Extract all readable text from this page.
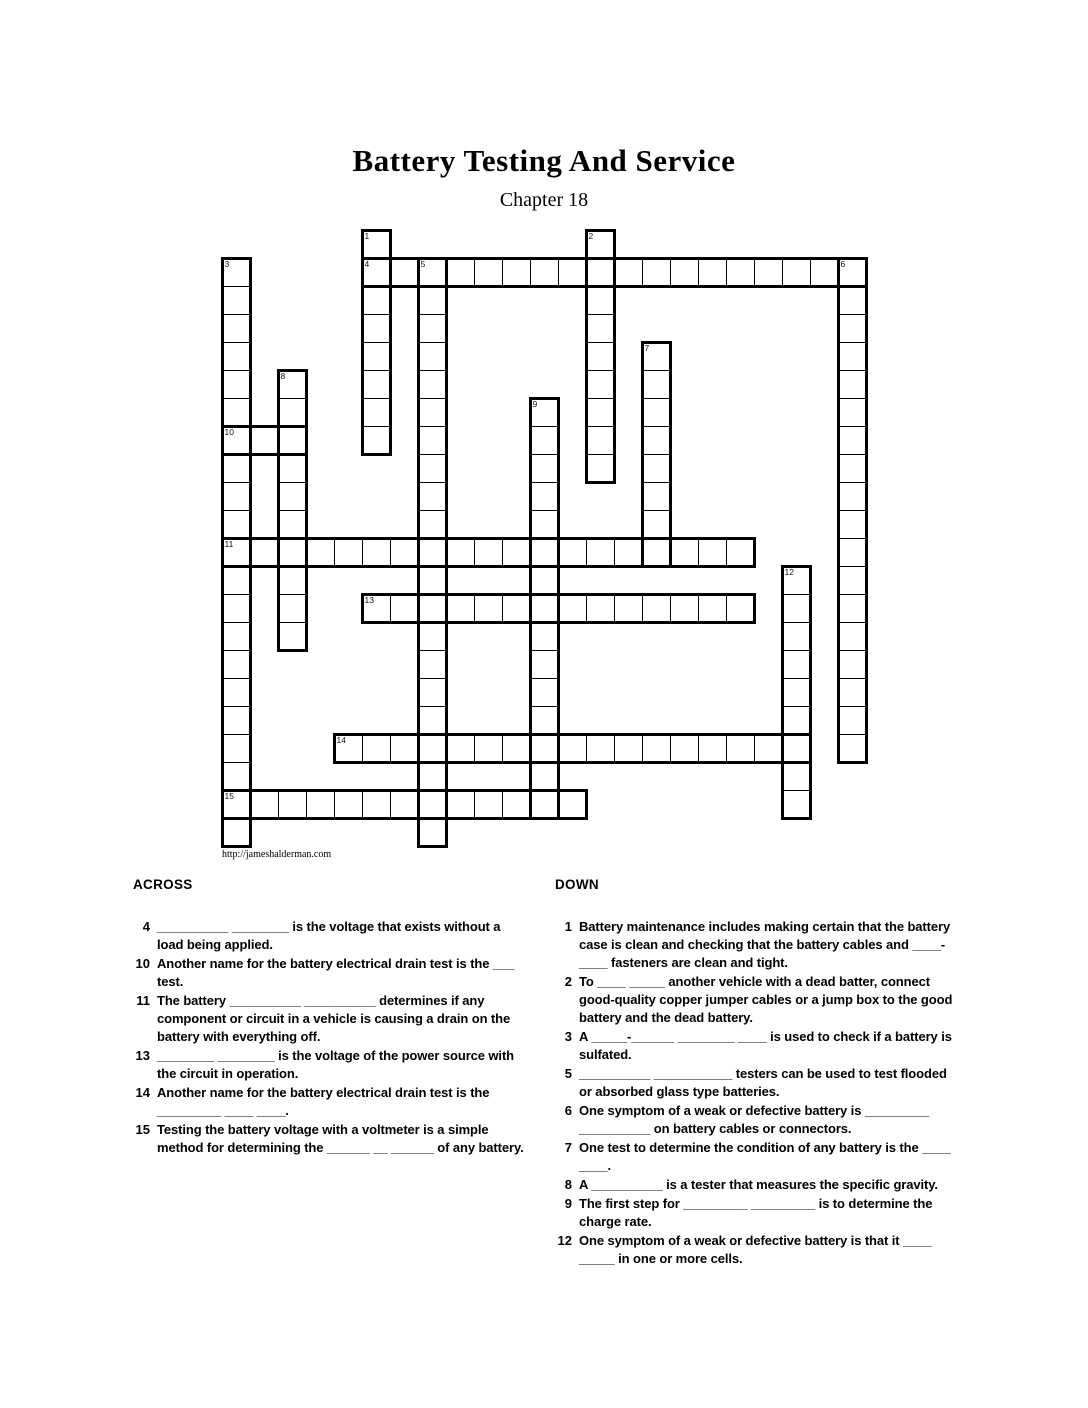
Battery Testing And Service
Chapter 18
1	2
3	4	5	6
7
8
9
10
11
12
13
14
15
http://jameshalderman.com
ACROSS
4 __________ ________ is the voltage that exists without a load being applied.
10 Another name for the battery electrical drain test is the ___ test.
11 The battery __________ __________ determines if any component or circuit in a vehicle is causing a drain on the battery with everything off.
13 ________ ________ is the voltage of the power source with the circuit in operation.
14 Another name for the battery electrical drain test is the _________ ____ ____.
15 Testing the battery voltage with a voltmeter is a simple method for determining the ______ __ ______ of any battery.
DOWN
1 Battery maintenance includes making certain that the battery case is clean and checking that the battery cables and ____-____ fasteners are clean and tight.
2 To ____ _____ another vehicle with a dead batter, connect good-quality copper jumper cables or a jump box to the good battery and the dead battery.
3 A _____-______ ________ ____ is used to check if a battery is sulfated.
5 __________ ___________ testers can be used to test flooded or absorbed glass type batteries.
6 One symptom of a weak or defective battery is _________ __________ on battery cables or connectors.
7 One test to determine the condition of any battery is the ____ ____.
8 A __________ is a tester that measures the specific gravity.
9 The first step for _________ _________ is to determine the charge rate.
12 One symptom of a weak or defective battery is that it ____ _____ in one or more cells.
